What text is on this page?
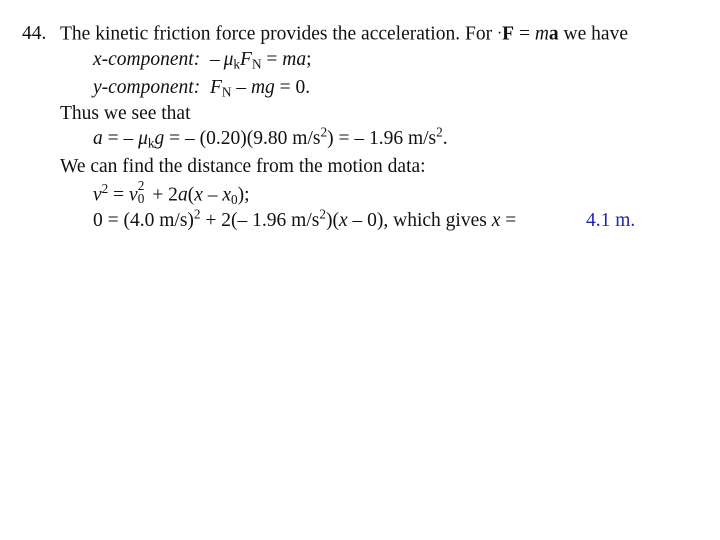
44. The kinetic friction force provides the acceleration. For ·F = ma we have
x-component:  – $\mu_kF_N$ = ma;
y-component: $F_N$ – mg = 0.
Thus we see that
a = – $\mu_kg$ = – (0.20)(9.80 $m/s^2$) = – 1.96 $m/s^2$.
We can find the distance from the motion data:
$v^2 = v$ 2
$0 + 2a(x - x_0)$;
0 = (4.0 m/s)$^2$ + 2(– 1.96 $m/s^2)(x - 0)$, which gives x =	4.1 m.
